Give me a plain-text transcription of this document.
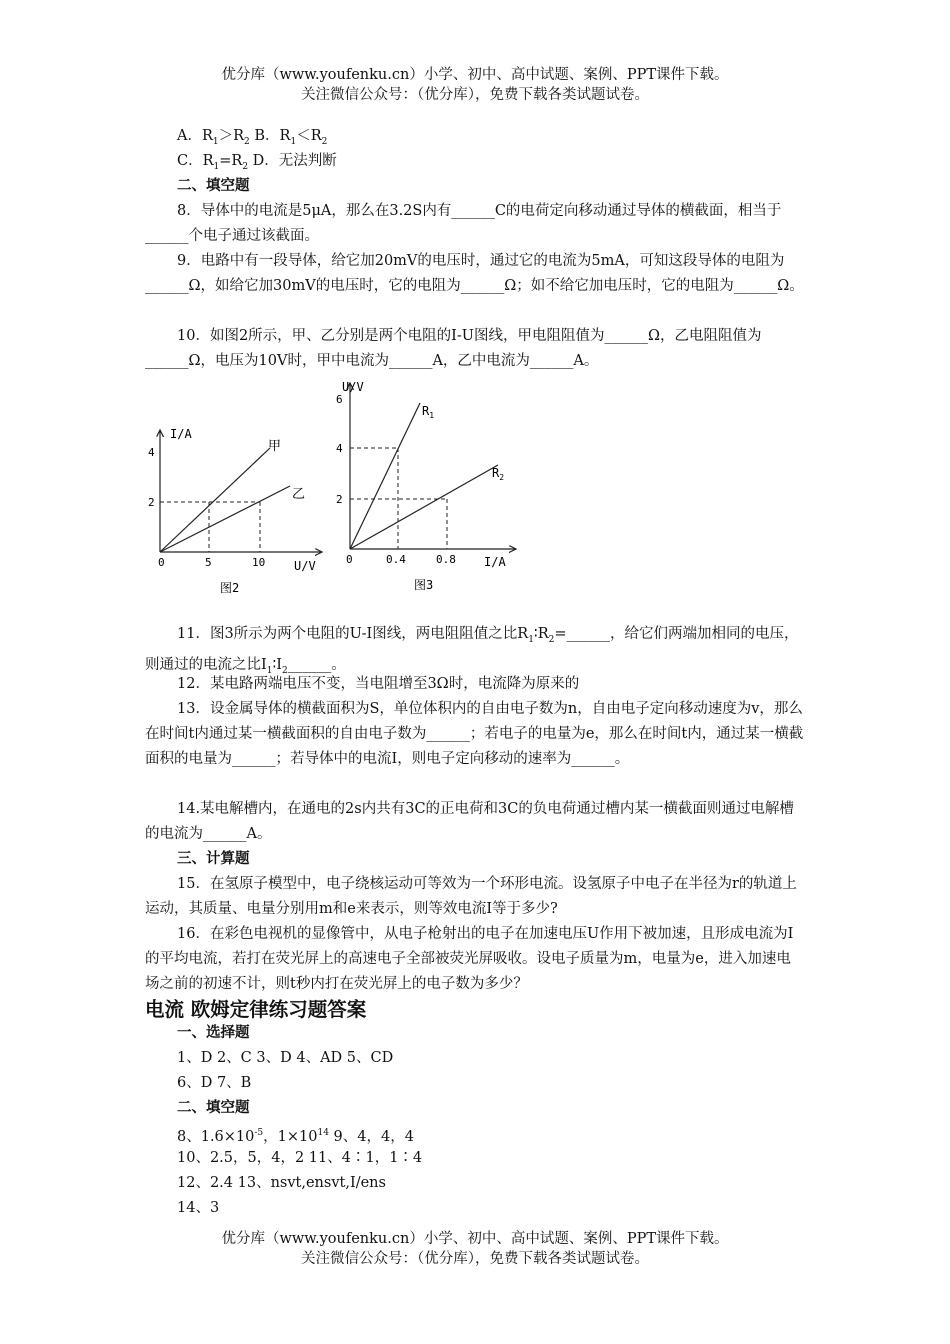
优分库（www.youfenku.cn）小学、初中、高中试题、案例、PPT课件下载。
关注微信公众号：（优分库），免费下载各类试题试卷。

A．$R_1>R_2$ B．$R_1<R_2$

C．$R_1=R_2$ D．无法判断

二、填空题

8．导体中的电流是5μA，那么在3.2S内有______C的电荷定向移动通过导体的横截面，相当于______个电子通过该截面。

9．电路中有一段导体，给它加20mV的电压时，通过它的电流为5mA，可知这段导体的电阻为______Ω，如给它加30mV的电压时，它的电阻为______Ω；如不给它加电压时，它的电阻为______Ω。

10．如图2所示，甲、乙分别是两个电阻的I-U图线，甲电阻阻值为______Ω，乙电阻阻值为______Ω，电压为10V时，甲中电流为______A，乙中电流为______A。

I/A
U/V
0	5	10
2
4	甲
乙
图2
U/V
I/A
0	0.4	0.8
2
4
6
$R_1$
$R_2$
图3

11．图3所示为两个电阻的U-I图线，两电阻阻值之比$R_1∶R_2=\_\_\_\_\_\_$，给它们两端加相同的电压，则通过的电流之比$I_1∶I_2\_\_\_\_\_\_$。

12．某电路两端电压不变，当电阻增至3Ω时，电流降为原来的

13．设金属导体的横截面积为S，单位体积内的自由电子数为n，自由电子定向移动速度为v，那么在时间t内通过某一横截面积的自由电子数为______；若电子的电量为e，那么在时间t内，通过某一横截面积的电量为______；若导体中的电流I，则电子定向移动的速率为______。

14.某电解槽内，在通电的2s内共有3C的正电荷和3C的负电荷通过槽内某一横截面则通过电解槽的电流为______A。

三、计算题

15．在氢原子模型中，电子绕核运动可等效为一个环形电流。设氢原子中电子在半径为r的轨道上运动，其质量、电量分别用m和e来表示，则等效电流I等于多少?

16．在彩色电视机的显像管中，从电子枪射出的电子在加速电压U作用下被加速，且形成电流为I的平均电流，若打在荧光屏上的高速电子全部被荧光屏吸收。设电子质量为m，电量为e，进入加速电场之前的初速不计，则t秒内打在荧光屏上的电子数为多少？

电流 欧姆定律练习题答案

一、选择题

1、D 2、C 3、D 4、AD 5、CD

6、D 7、B

二、填空题

8、$1.6\times 10^{-5}$，$1\times 10^{14}$ 9、4，4，4

10、2.5，5，4，2 11、4∶1，1∶4

12、2.4 13、nsvt,ensvt,I/ens

14、3

优分库（www.youfenku.cn）小学、初中、高中试题、案例、PPT课件下载。
关注微信公众号：（优分库），免费下载各类试题试卷。
